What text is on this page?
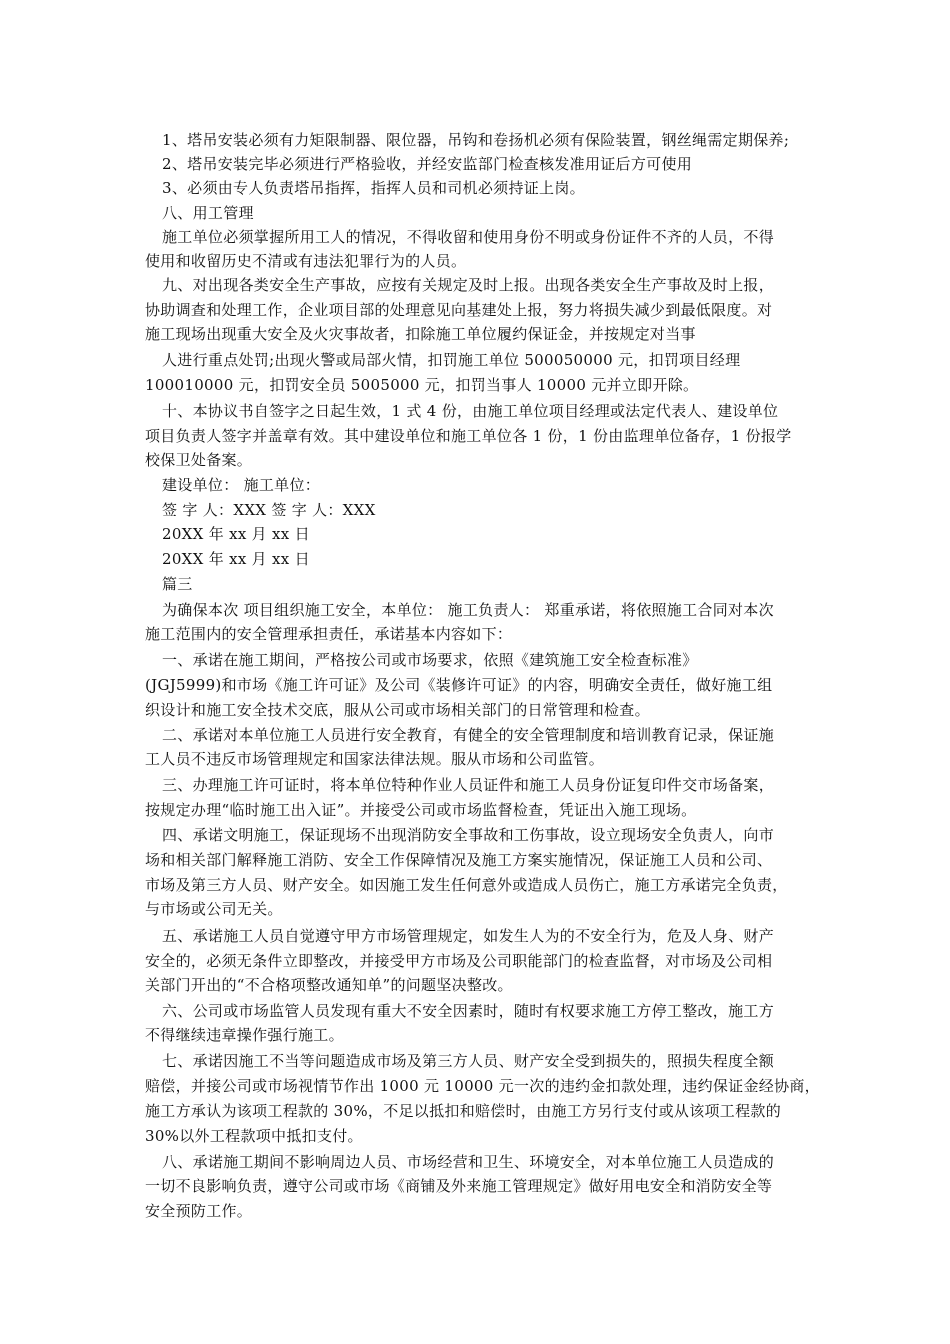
1、塔吊安装必须有力矩限制器、限位器，吊钩和卷扬机必须有保险装置，钢丝绳需定期保养;
2、塔吊安装完毕必须进行严格验收，并经安监部门检查核发准用证后方可使用
3、必须由专人负责塔吊指挥，指挥人员和司机必须持证上岗。
八、用工管理
施工单位必须掌握所用工人的情况，不得收留和使用身份不明或身份证件不齐的人员，不得
使用和收留历史不清或有违法犯罪行为的人员。
九、对出现各类安全生产事故，应按有关规定及时上报。出现各类安全生产事故及时上报，
协助调查和处理工作，企业项目部的处理意见向基建处上报，努力将损失减少到最低限度。对
施工现场出现重大安全及火灾事故者，扣除施工单位履约保证金，并按规定对当事
人进行重点处罚;出现火警或局部火情，扣罚施工单位 500050000 元，扣罚项目经理
100010000 元，扣罚安全员 5005000 元，扣罚当事人 10000 元并立即开除。
十、本协议书自签字之日起生效，1 式 4 份，由施工单位项目经理或法定代表人、建设单位
项目负责人签字并盖章有效。其中建设单位和施工单位各 1 份，1 份由监理单位备存，1 份报学
校保卫处备案。
建设单位： 施工单位：
签 字 人：XXX 签 字 人：XXX
20XX 年 xx 月 xx 日
20XX 年 xx 月 xx 日
篇三
为确保本次 项目组织施工安全，本单位： 施工负责人： 郑重承诺，将依照施工合同对本次
施工范围内的安全管理承担责任，承诺基本内容如下：
一、承诺在施工期间，严格按公司或市场要求，依照《建筑施工安全检查标准》
(JGJ5999)和市场《施工许可证》及公司《装修许可证》的内容，明确安全责任，做好施工组
织设计和施工安全技术交底，服从公司或市场相关部门的日常管理和检查。
二、承诺对本单位施工人员进行安全教育，有健全的安全管理制度和培训教育记录，保证施
工人员不违反市场管理规定和国家法律法规。服从市场和公司监管。
三、办理施工许可证时，将本单位特种作业人员证件和施工人员身份证复印件交市场备案，
按规定办理“临时施工出入证”。并接受公司或市场监督检查，凭证出入施工现场。
四、承诺文明施工，保证现场不出现消防安全事故和工伤事故，设立现场安全负责人，向市
场和相关部门解释施工消防、安全工作保障情况及施工方案实施情况，保证施工人员和公司、
市场及第三方人员、财产安全。如因施工发生任何意外或造成人员伤亡，施工方承诺完全负责，
与市场或公司无关。
五、承诺施工人员自觉遵守甲方市场管理规定，如发生人为的不安全行为，危及人身、财产
安全的，必须无条件立即整改，并接受甲方市场及公司职能部门的检查监督，对市场及公司相
关部门开出的“不合格项整改通知单”的问题坚决整改。
六、公司或市场监管人员发现有重大不安全因素时，随时有权要求施工方停工整改，施工方
不得继续违章操作强行施工。
七、承诺因施工不当等问题造成市场及第三方人员、财产安全受到损失的，照损失程度全额
赔偿，并接公司或市场视情节作出 1000 元 10000 元一次的违约金扣款处理，违约保证金经协商，
施工方承认为该项工程款的 30%，不足以抵扣和赔偿时，由施工方另行支付或从该项工程款的
30%以外工程款项中抵扣支付。
八、承诺施工期间不影响周边人员、市场经营和卫生、环境安全，对本单位施工人员造成的
一切不良影响负责，遵守公司或市场《商铺及外来施工管理规定》做好用电安全和消防安全等
安全预防工作。
